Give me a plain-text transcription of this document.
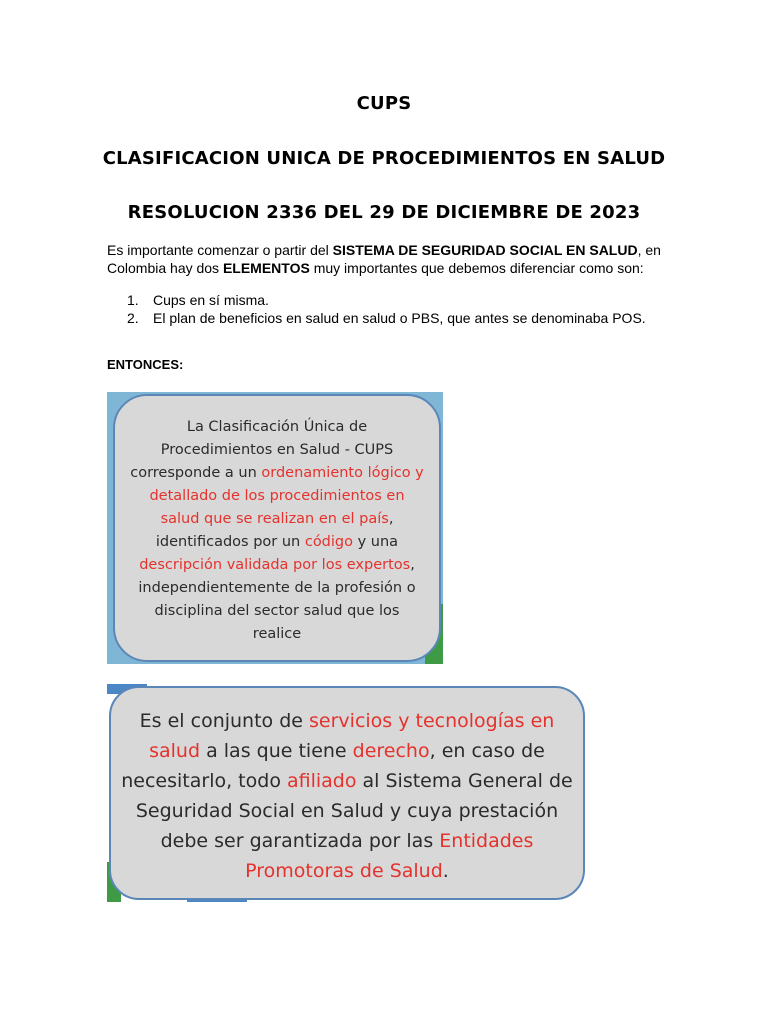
CUPS
CLASIFICACION UNICA DE PROCEDIMIENTOS EN SALUD
RESOLUCION 2336 DEL 29 DE DICIEMBRE DE 2023

Es importante comenzar o partir del SISTEMA DE SEGURIDAD SOCIAL EN SALUD, en Colombia hay dos ELEMENTOS muy importantes que debemos diferenciar como son:

1. Cups en sí misma.
2. El plan de beneficios en salud en salud o PBS, que antes se denominaba POS.
ENTONCES:
La Clasificación Única de Procedimientos en Salud - CUPS corresponde a un ordenamiento lógico y detallado de los procedimientos en salud que se realizan en el país, identificados por un código y una descripción validada por los expertos, independientemente de la profesión o disciplina del sector salud que los realice
Es el conjunto de servicios y tecnologías en salud a las que tiene derecho, en caso de necesitarlo, todo afiliado al Sistema General de Seguridad Social en Salud y cuya prestación debe ser garantizada por las Entidades Promotoras de Salud.
